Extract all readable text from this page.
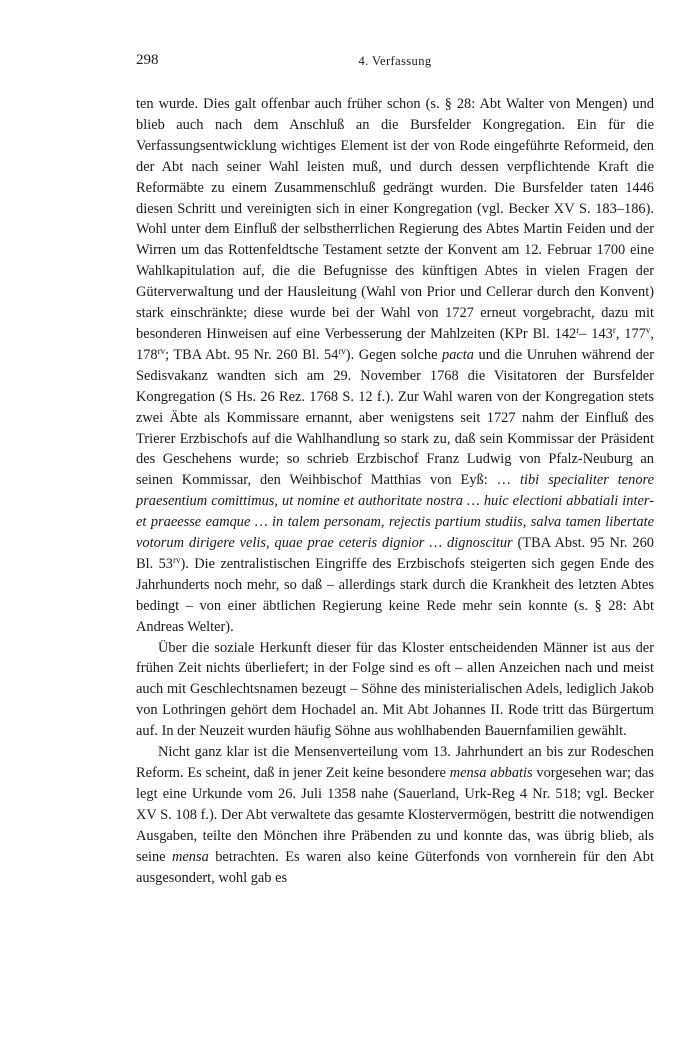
298	4. Verfassung

ten wurde. Dies galt offenbar auch früher schon (s. § 28: Abt Walter von Mengen) und blieb auch nach dem Anschluß an die Bursfelder Kongregation. Ein für die Verfassungsentwicklung wichtiges Element ist der von Rode eingeführte Reformeid, den der Abt nach seiner Wahl leisten muß, und durch dessen verpflichtende Kraft die Reformäbte zu einem Zusammenschluß gedrängt wurden. Die Bursfelder taten 1446 diesen Schritt und vereinigten sich in einer Kongregation (vgl. Becker XV S. 183–186). Wohl unter dem Einfluß der selbstherrlichen Regierung des Abtes Martin Feiden und der Wirren um das Rottenfeldtsche Testament setzte der Konvent am 12. Februar 1700 eine Wahlkapitulation auf, die die Befugnisse des künftigen Abtes in vielen Fragen der Güterverwaltung und der Hausleitung (Wahl von Prior und Cellerar durch den Konvent) stark einschränkte; diese wurde bei der Wahl von 1727 erneut vorgebracht, dazu mit besonderen Hinweisen auf eine Verbesserung der Mahlzeiten (KPr Bl. 142$^r$– 143$^r$, 177$^v$, $178^{rv}$; TBA Abt. 95 Nr. 260 Bl. $54^{rv}$). Gegen solche pacta und die Unruhen während der Sedisvakanz wandten sich am 29. November 1768 die Visitatoren der Bursfelder Kongregation (S Hs. 26 Rez. 1768 S. 12 f.). Zur Wahl waren von der Kongregation stets zwei Äbte als Kommissare ernannt, aber wenigstens seit 1727 nahm der Einfluß des Trierer Erzbischofs auf die Wahlhandlung so stark zu, daß sein Kommissar der Präsident des Geschehens wurde; so schrieb Erzbischof Franz Ludwig von Pfalz-Neuburg an seinen Kommissar, den Weihbischof Matthias von Eyß: … tibi specialiter tenore praesentium comittimus, ut nomine et authoritate nostra … huic electioni abbatiali inter- et praeesse eamque … in talem personam, rejectis partium studiis, salva tamen libertate votorum dirigere velis, quae prae ceteris dignior … dignoscitur (TBA Abst. 95 Nr. 260 Bl. $53^{rv}$). Die zentralistischen Eingriffe des Erzbischofs steigerten sich gegen Ende des Jahrhunderts noch mehr, so daß – allerdings stark durch die Krankheit des letzten Abtes bedingt – von einer äbtlichen Regierung keine Rede mehr sein konnte (s. § 28: Abt Andreas Welter).

Über die soziale Herkunft dieser für das Kloster entscheidenden Männer ist aus der frühen Zeit nichts überliefert; in der Folge sind es oft – allen Anzeichen nach und meist auch mit Geschlechtsnamen bezeugt – Söhne des ministerialischen Adels, lediglich Jakob von Lothringen gehört dem Hochadel an. Mit Abt Johannes II. Rode tritt das Bürgertum auf. In der Neuzeit wurden häufig Söhne aus wohlhabenden Bauernfamilien gewählt.

Nicht ganz klar ist die Mensenverteilung vom 13. Jahrhundert an bis zur Rodeschen Reform. Es scheint, daß in jener Zeit keine besondere mensa abbatis vorgesehen war; das legt eine Urkunde vom 26. Juli 1358 nahe (Sauerland, Urk-Reg 4 Nr. 518; vgl. Becker XV S. 108 f.). Der Abt verwaltete das gesamte Klostervermögen, bestritt die notwendigen Ausgaben, teilte den Mönchen ihre Präbenden zu und konnte das, was übrig blieb, als seine mensa betrachten. Es waren also keine Güterfonds von vornherein für den Abt ausgesondert, wohl gab es
